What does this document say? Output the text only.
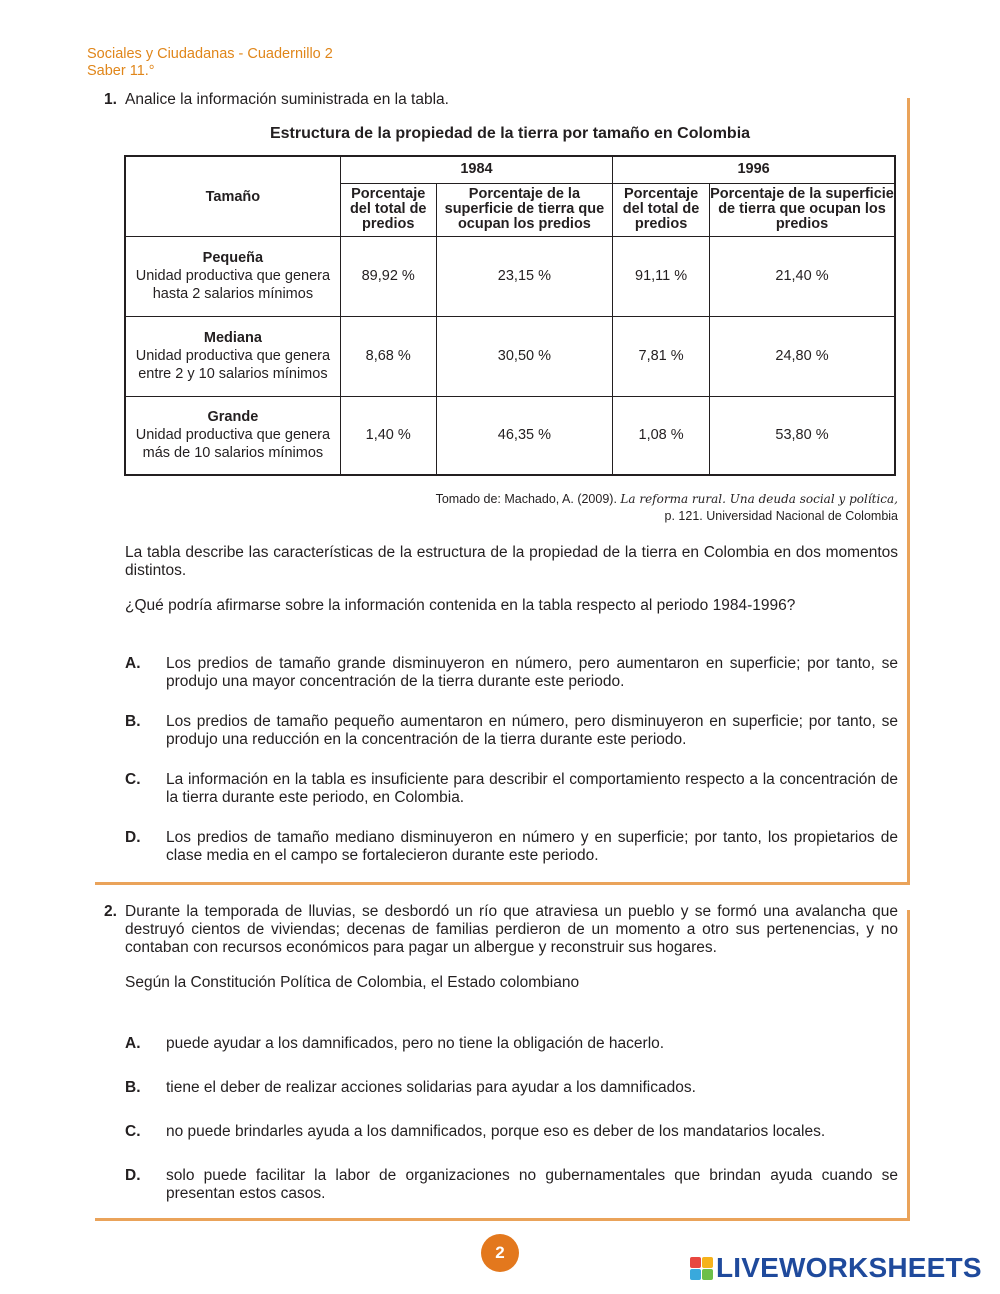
Sociales y Ciudadanas - Cuadernillo 2
Saber 11.°
1. Analice la información suministrada en la tabla.
Estructura de la propiedad de la tierra por tamaño en Colombia
Tamaño	1984		1996	
	Porcentaje del total de predios	Porcentaje de la superficie de tierra que ocupan los predios	Porcentaje del total de predios	Porcentaje de la superficie de tierra que ocupan los predios

Pequeña
Unidad productiva que genera hasta 2 salarios mínimos	89,92 %	23,15 %	91,11 %	21,40 %

Mediana
Unidad productiva que genera entre 2 y 10 salarios mínimos	8,68 %	30,50 %	7,81 %	24,80 %

Grande
Unidad productiva que genera más de 10 salarios mínimos	1,40 %	46,35 %	1,08 %	53,80 %
Tomado de: Machado, A. (2009). La reforma rural. Una deuda social y política,
p. 121. Universidad Nacional de Colombia
La tabla describe las características de la estructura de la propiedad de la tierra en Colombia en dos momentos distintos.
¿Qué podría afirmarse sobre la información contenida en la tabla respecto al periodo 1984-1996?
A. Los predios de tamaño grande disminuyeron en número, pero aumentaron en superficie; por tanto, se produjo una mayor concentración de la tierra durante este periodo.
B. Los predios de tamaño pequeño aumentaron en número, pero disminuyeron en superficie; por tanto, se produjo una reducción en la concentración de la tierra durante este periodo.
C. La información en la tabla es insuficiente para describir el comportamiento respecto a la concentración de la tierra durante este periodo, en Colombia.
D. Los predios de tamaño mediano disminuyeron en número y en superficie; por tanto, los propietarios de clase media en el campo se fortalecieron durante este periodo.
2. Durante la temporada de lluvias, se desbordó un río que atraviesa un pueblo y se formó una avalancha que destruyó cientos de viviendas; decenas de familias perdieron de un momento a otro sus pertenencias, y no contaban con recursos económicos para pagar un albergue y reconstruir sus hogares.
Según la Constitución Política de Colombia, el Estado colombiano
A. puede ayudar a los damnificados, pero no tiene la obligación de hacerlo.
B. tiene el deber de realizar acciones solidarias para ayudar a los damnificados.
C. no puede brindarles ayuda a los damnificados, porque eso es deber de los mandatarios locales.
D. solo puede facilitar la labor de organizaciones no gubernamentales que brindan ayuda cuando se presentan estos casos.
2	LIVEWORKSHEETS
